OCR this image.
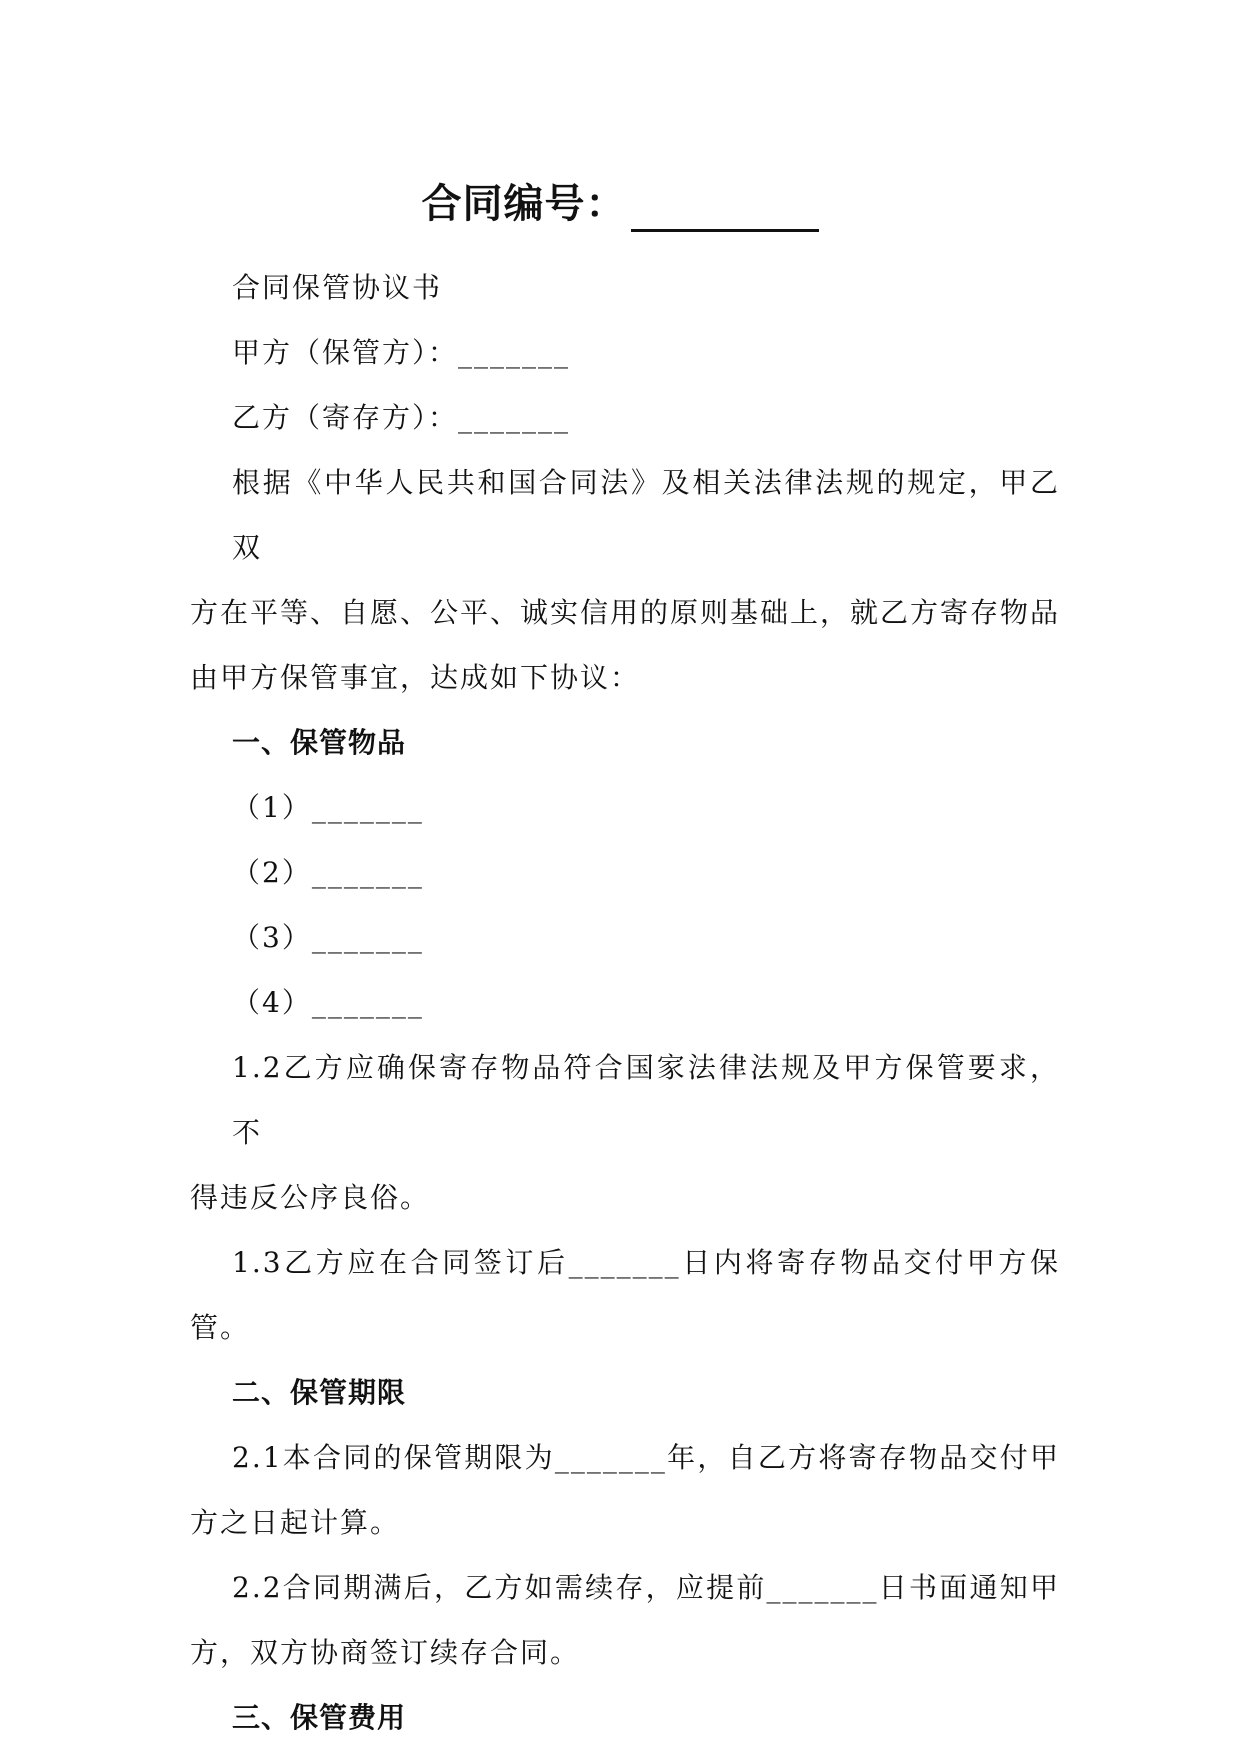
合同编号：
合同保管协议书
甲方（保管方）：_______
乙方（寄存方）：_______
根据《中华人民共和国合同法》及相关法律法规的规定，甲乙双
方在平等、自愿、公平、诚实信用的原则基础上，就乙方寄存物品
由甲方保管事宜，达成如下协议：
一、保管物品
（1）_______
（2）_______
（3）_______
（4）_______
1.2乙方应确保寄存物品符合国家法律法规及甲方保管要求，不
得违反公序良俗。
1.3乙方应在合同签订后_______日内将寄存物品交付甲方保
管。
二、保管期限
2.1本合同的保管期限为_______年，自乙方将寄存物品交付甲
方之日起计算。
2.2合同期满后，乙方如需续存，应提前_______日书面通知甲
方，双方协商签订续存合同。
三、保管费用
